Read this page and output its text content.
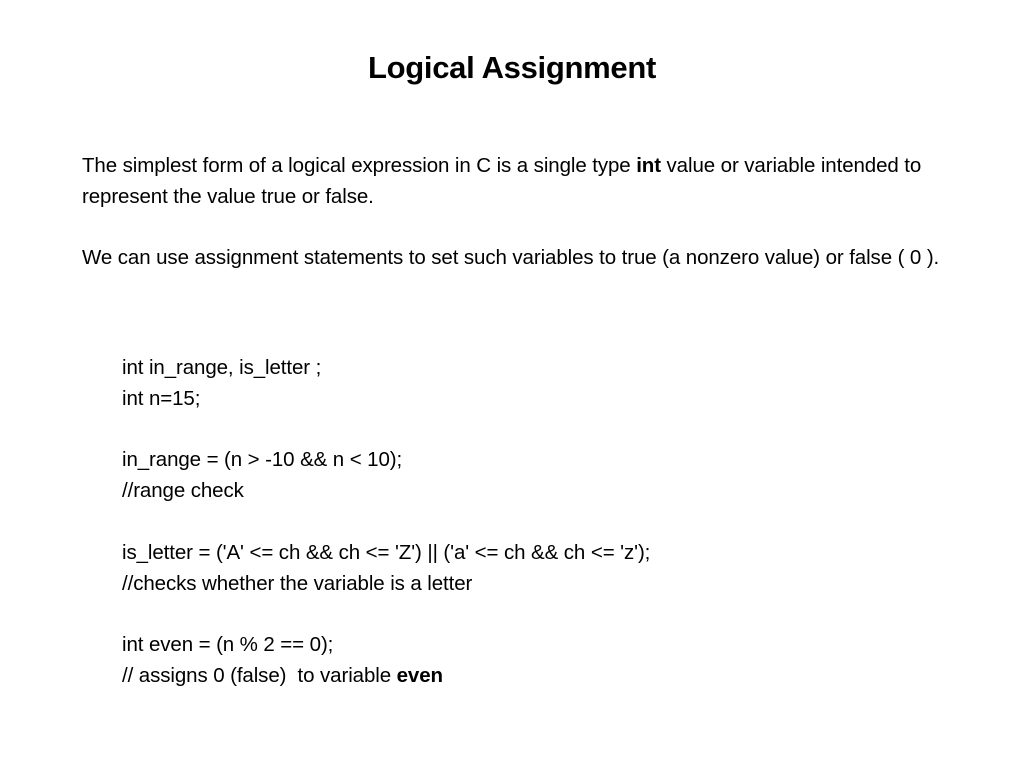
Logical Assignment

The simplest form of a logical expression in C is a single type int value or variable intended to represent the value true or false.

We can use assignment statements to set such variables to true (a nonzero value) or false ( 0 ).

int in_range, is_letter ;
int n=15;
in_range = (n > -10 && n < 10);
//range check
is_letter = ('A' <= ch && ch <= 'Z') || ('a' <= ch && ch <= 'z');
//checks whether the variable is a letter
int even = (n % 2 == 0);
// assigns 0 (false)  to variable even
